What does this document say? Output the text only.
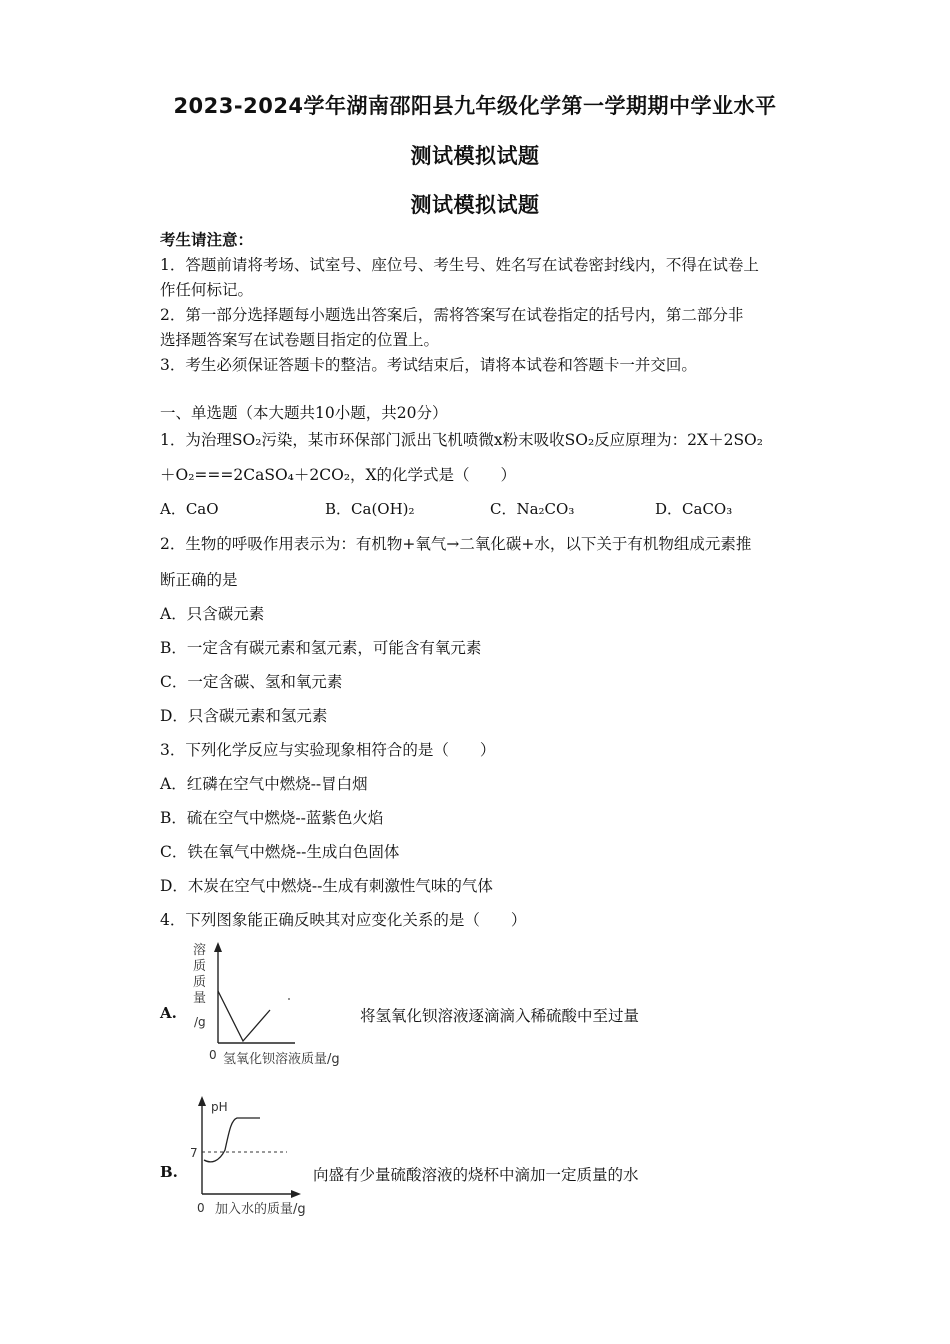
2023-2024学年湖南邵阳县九年级化学第一学期期中学业水平
测试模拟试题
测试模拟试题
考生请注意：
1．答题前请将考场、试室号、座位号、考生号、姓名写在试卷密封线内，不得在试卷上
作任何标记。
2．第一部分选择题每小题选出答案后，需将答案写在试卷指定的括号内，第二部分非
选择题答案写在试卷题目指定的位置上。
3．考生必须保证答题卡的整洁。考试结束后，请将本试卷和答题卡一并交回。
一、单选题（本大题共10小题，共20分）
1．为治理SO₂污染，某市环保部门派出飞机喷微x粉末吸收SO₂反应原理为：2X＋2SO₂
＋O₂===2CaSO₄＋2CO₂，X的化学式是（　　）
A．CaO	B．Ca(OH)₂	C．Na₂CO₃	D．CaCO₃
2．生物的呼吸作用表示为：有机物+氧气→二氧化碳+水，以下关于有机物组成元素推
断正确的是
A．只含碳元素
B．一定含有碳元素和氢元素，可能含有氧元素
C．一定含碳、氢和氧元素
D．只含碳元素和氢元素
3．下列化学反应与实验现象相符合的是（　　）
A．红磷在空气中燃烧--冒白烟
B．硫在空气中燃烧--蓝紫色火焰
C．铁在氧气中燃烧--生成白色固体
D．木炭在空气中燃烧--生成有刺激性气味的气体
4．下列图象能正确反映其对应变化关系的是（　　）
A.
溶
质
质
量
/g
0 氢氧化钡溶液质量/g
将氢氧化钡溶液逐滴滴入稀硫酸中至过量
B.
pH
7
0 加入水的质量/g
向盛有少量硫酸溶液的烧杯中滴加一定质量的水
